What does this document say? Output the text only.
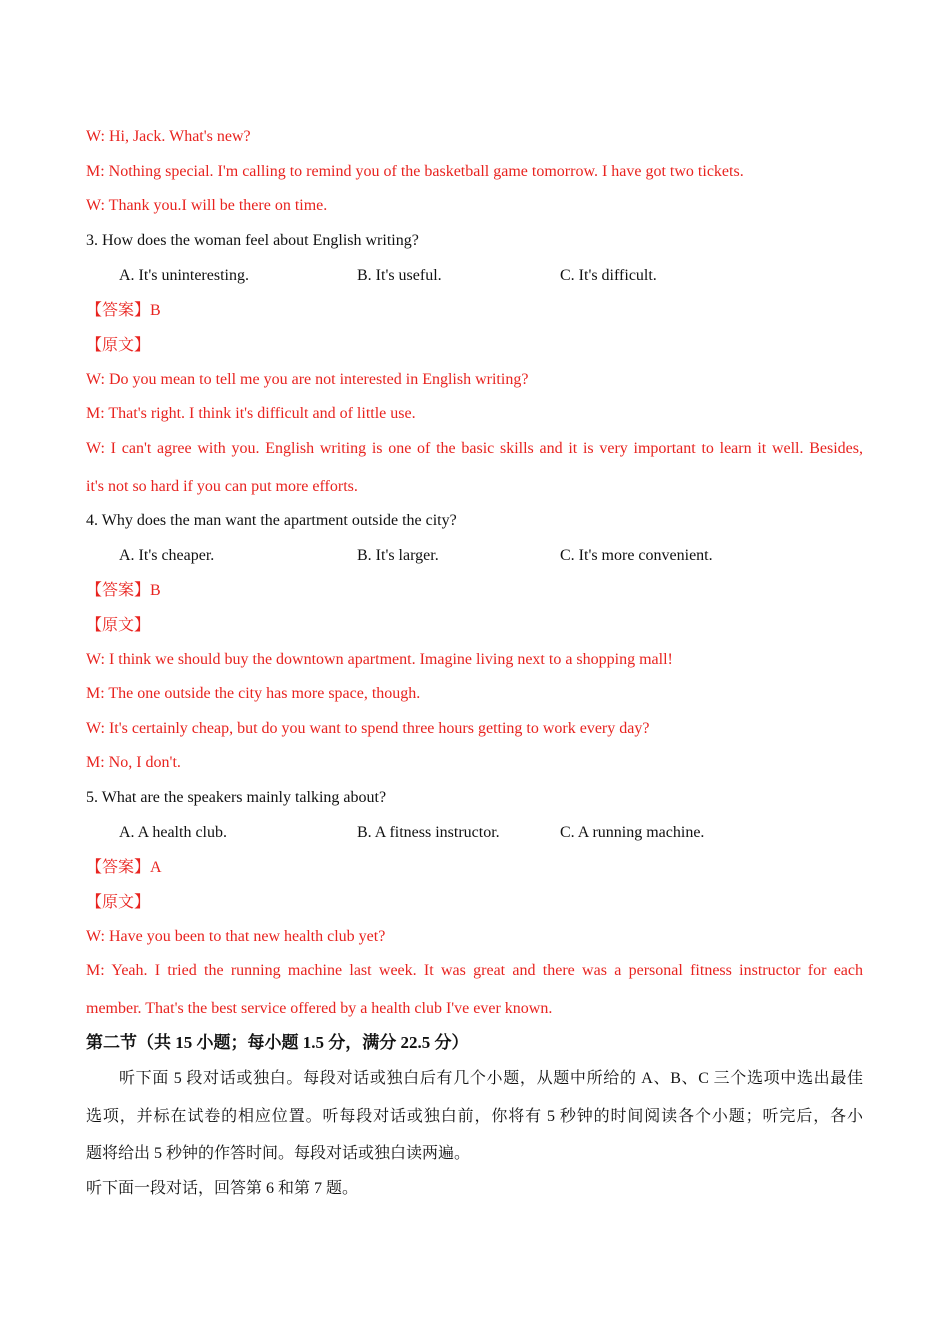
W: Hi, Jack. What's new?
M: Nothing special. I'm calling to remind you of the basketball game tomorrow. I have got two tickets.
W: Thank you.I will be there on time.
3. How does the woman feel about English writing?
A. It's uninteresting.	B. It's useful.	C. It's difficult.
【答案】B
【原文】
W: Do you mean to tell me you are not interested in English writing?
M: That's right. I think it's difficult and of little use.
W: I can't agree with you. English writing is one of the basic skills and it is very important to learn it well. Besides,
it's not so hard if you can put more efforts.
4. Why does the man want the apartment outside the city?
A. It's cheaper.	B. It's larger.	C. It's more convenient.
【答案】B
【原文】
W: I think we should buy the downtown apartment. Imagine living next to a shopping mall!
M: The one outside the city has more space, though.
W: It's certainly cheap, but do you want to spend three hours getting to work every day?
M: No, I don't.
5. What are the speakers mainly talking about?
A. A health club.	B. A fitness instructor.	C. A running machine.
【答案】A
【原文】
W: Have you been to that new health club yet?
M: Yeah. I tried the running machine last week. It was great and there was a personal fitness instructor for each
member. That's the best service offered by a health club I've ever known.
第二节（共 15 小题；每小题 1.5 分，满分 22.5 分）
听下面 5 段对话或独白。每段对话或独白后有几个小题，从题中所给的 A、B、C 三个选项中选出最佳
选项，并标在试卷的相应位置。听每段对话或独白前，你将有 5 秒钟的时间阅读各个小题；听完后，各小
题将给出 5 秒钟的作答时间。每段对话或独白读两遍。
听下面一段对话，回答第 6 和第 7 题。
